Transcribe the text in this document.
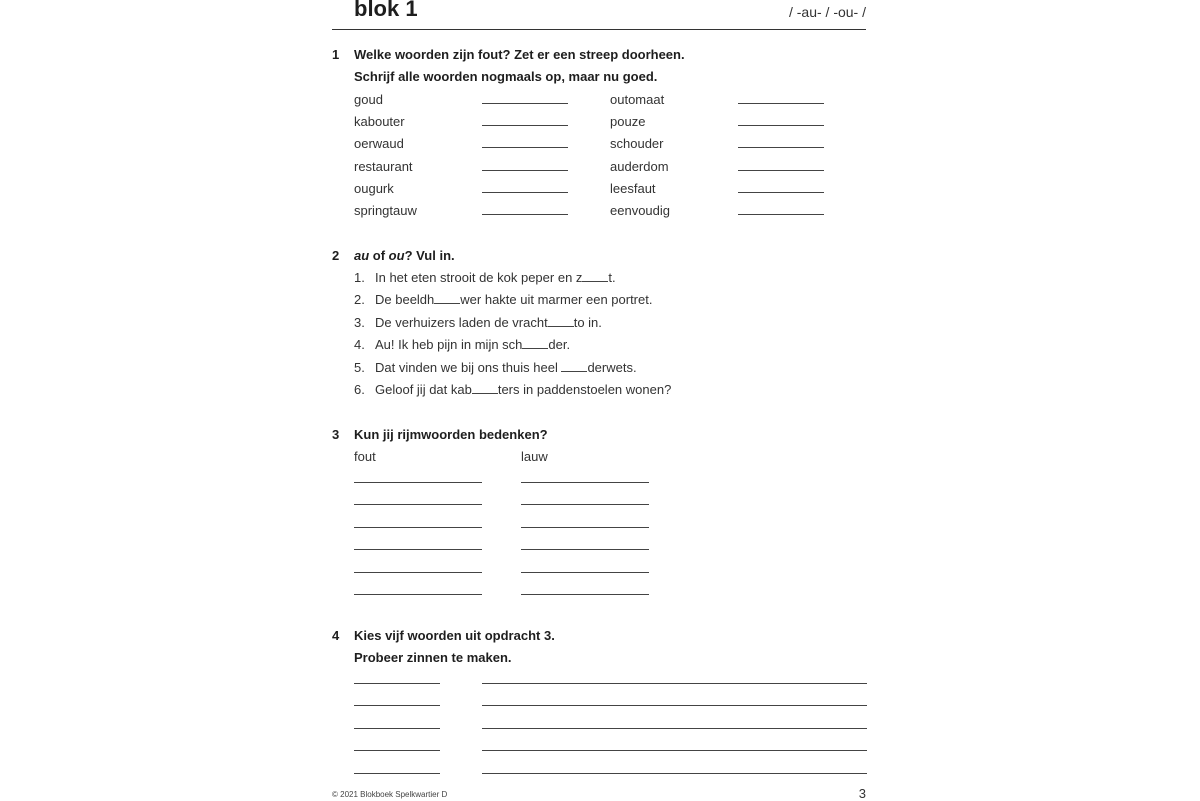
blok 1	/ -au- / -ou- /
1 Welke woorden zijn fout? Zet er een streep doorheen.
Schrijf alle woorden nogmaals op, maar nu goed.
goud	outomaat
kabouter	pouze
oerwaud	schouder
restaurant	auderdom
ougurk	leesfaut
springtauw	eenvoudig
2 au of ou? Vul in.
1. In het eten strooit de kok peper en z t.
2. De beeldh wer hakte uit marmer een portret.
3. De verhuizers laden de vracht to in.
4. Au! Ik heb pijn in mijn sch der.
5. Dat vinden we bij ons thuis heel derwets.
6. Geloof jij dat kab ters in paddenstoelen wonen?
3 Kun jij rijmwoorden bedenken?
fout	lauw
4 Kies vijf woorden uit opdracht 3.
Probeer zinnen te maken.
© 2021 Blokboek Spelkwartier D	3
